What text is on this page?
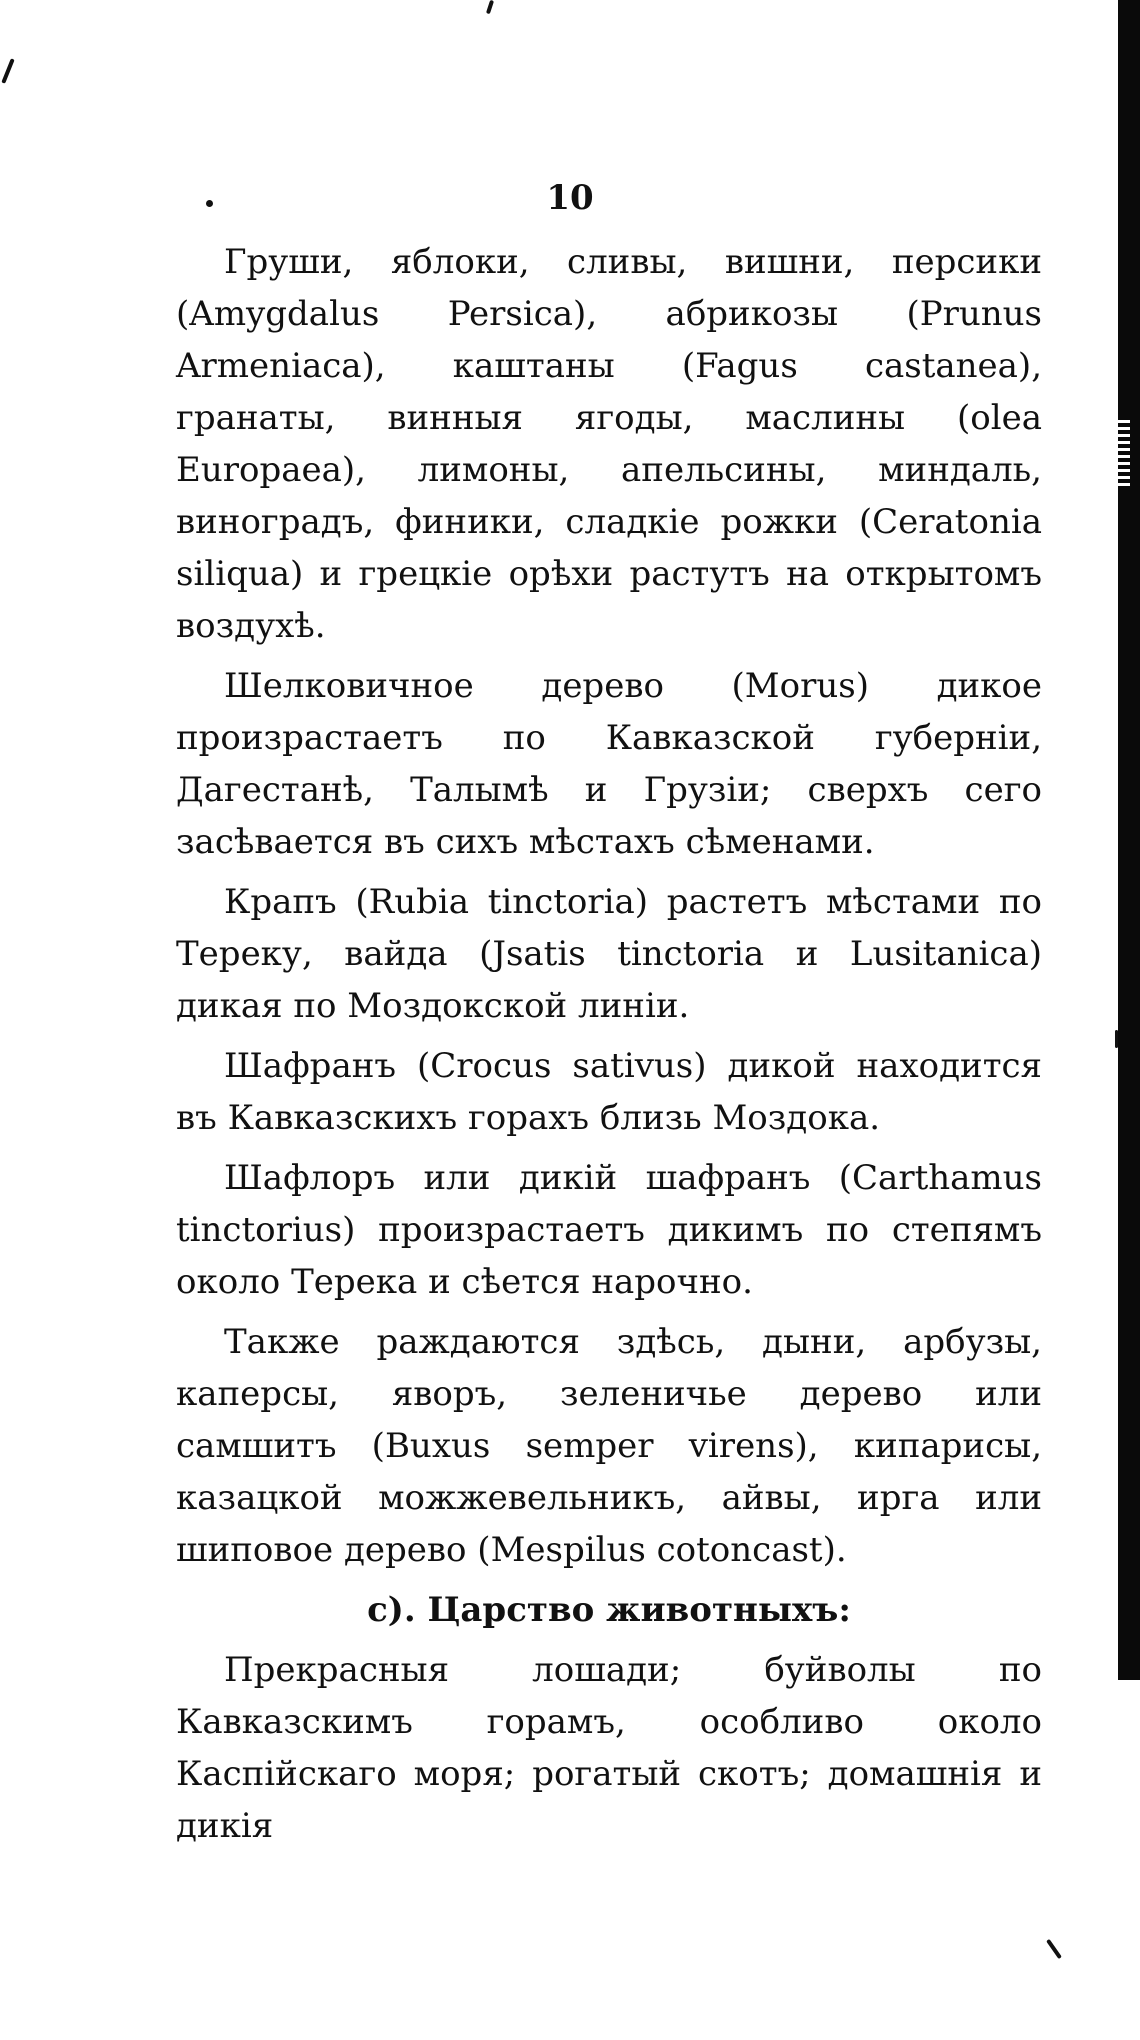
10

Груши, яблоки, сливы, вишни, персики (Amygdalus Persica), абрикозы (Prunus Armeniaca), каштаны (Fagus castanea), гранаты, винныя ягоды, маслины (olea Europaea), лимоны, апельсины, миндаль, виноградъ, финики, сладкіе рожки (Ceratonia siliqua) и грецкіе орѣхи растутъ на открытомъ воздухѣ.

Шелковичное дерево (Morus) дикое произрастаетъ по Кавказской губерніи, Дагестанѣ, Талымѣ и Грузіи; сверхъ сего засѣвается въ сихъ мѣстахъ сѣменами.

Крапъ (Rubia tinctoria) растетъ мѣстами по Тереку, вайда (Jsatis tinctoria и Lusitanica) дикая по Моздокской линіи.

Шафранъ (Crocus sativus) дикой находится въ Кавказскихъ горахъ близь Моздока.

Шафлоръ или дикій шафранъ (Carthamus tinctorius) произрастаетъ дикимъ по степямъ около Терека и сѣется нарочно.

Также раждаются здѣсь, дыни, арбузы, каперсы, яворъ, зеленичье дерево или самшитъ (Buxus semper virens), кипарисы, казацкой можжевельникъ, айвы, ирга или шиповое дерево (Mespilus cotoncast).

c). Царство животныхъ:

Прекрасныя лошади; буйволы по Кавказскимъ горамъ, особливо около Каспійскаго моря; рогатый скотъ; домашнія и дикія
